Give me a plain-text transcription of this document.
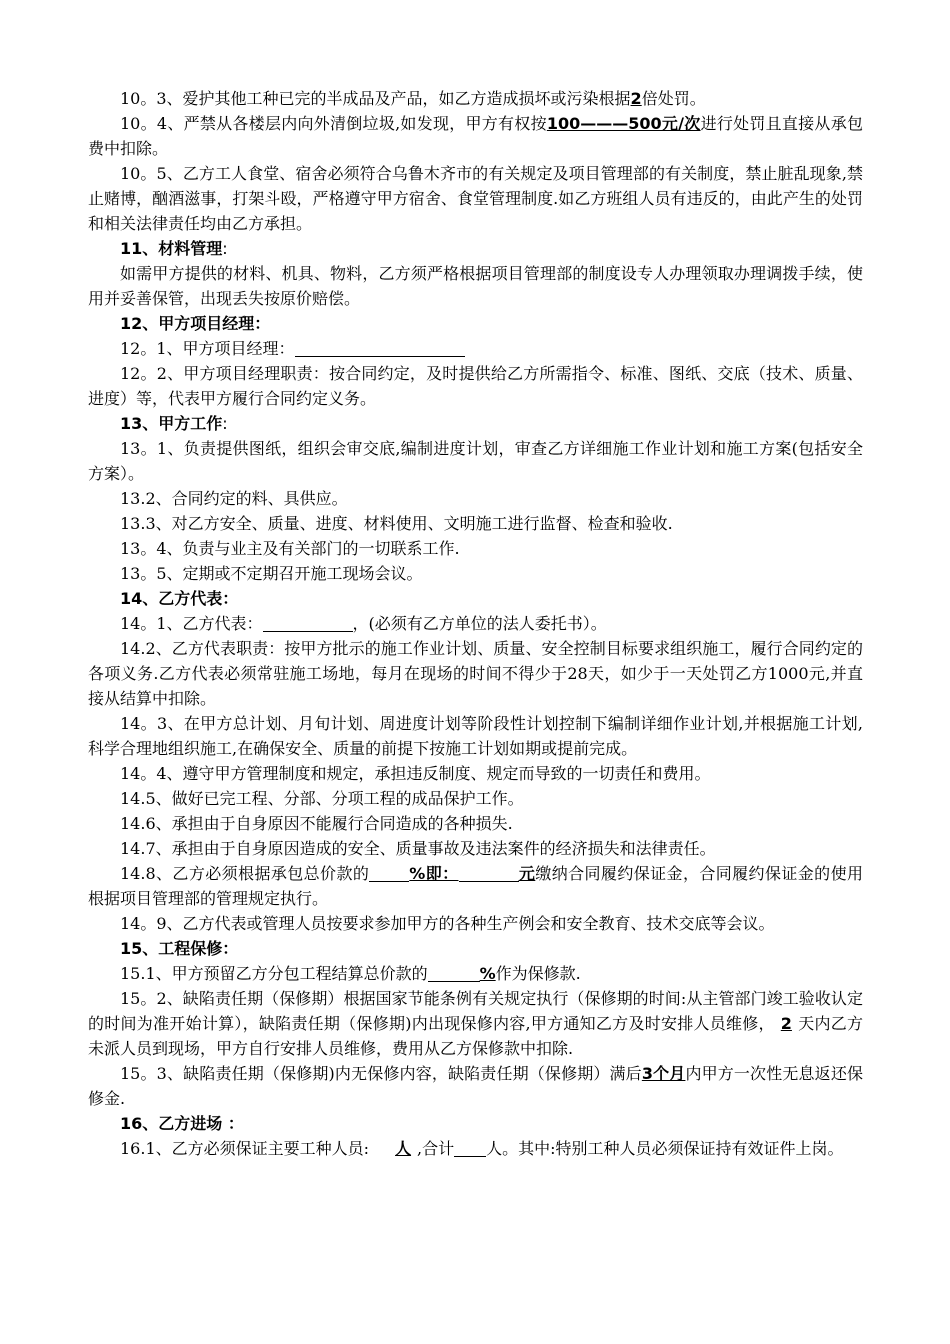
10。3、爱护其他工种已完的半成品及产品，如乙方造成损坏或污染根据2倍处罚。

10。4、严禁从各楼层内向外清倒垃圾,如发现，甲方有权按100———500元/次进行处罚且直接从承包费中扣除。

10。5、乙方工人食堂、宿舍必须符合乌鲁木齐市的有关规定及项目管理部的有关制度，禁止脏乱现象,禁止赌博，酗酒滋事，打架斗殴，严格遵守甲方宿舍、食堂管理制度.如乙方班组人员有违反的，由此产生的处罚和相关法律责任均由乙方承担。

11、材料管理:

如需甲方提供的材料、机具、物料，乙方须严格根据项目管理部的制度设专人办理领取办理调拨手续，使用并妥善保管，出现丢失按原价赔偿。

12、甲方项目经理：

12。1、甲方项目经理：

12。2、甲方项目经理职责：按合同约定，及时提供给乙方所需指令、标准、图纸、交底（技术、质量、进度）等，代表甲方履行合同约定义务。

13、甲方工作:

13。1、负责提供图纸，组织会审交底,编制进度计划，审查乙方详细施工作业计划和施工方案(包括安全方案）。

13.2、合同约定的料、具供应。

13.3、对乙方安全、质量、进度、材料使用、文明施工进行监督、检查和验收.

13。4、负责与业主及有关部门的一切联系工作.

13。5、定期或不定期召开施工现场会议。

14、乙方代表：

14。1、乙方代表：	，(必须有乙方单位的法人委托书）。

14.2、乙方代表职责：按甲方批示的施工作业计划、质量、安全控制目标要求组织施工，履行合同约定的各项义务.乙方代表必须常驻施工场地，每月在现场的时间不得少于28天，如少于一天处罚乙方1000元,并直接从结算中扣除。

14。3、在甲方总计划、月旬计划、周进度计划等阶段性计划控制下编制详细作业计划,并根据施工计划,科学合理地组织施工,在确保安全、质量的前提下按施工计划如期或提前完成。

14。4、遵守甲方管理制度和规定，承担违反制度、规定而导致的一切责任和费用。

14.5、做好已完工程、分部、分项工程的成品保护工作。

14.6、承担由于自身原因不能履行合同造成的各种损失.

14.7、承担由于自身原因造成的安全、质量事故及违法案件的经济损失和法律责任。

14.8、乙方必须根据承包总价款的	%即：	元缴纳合同履约保证金，合同履约保证金的使用根据项目管理部的管理规定执行。

14。9、乙方代表或管理人员按要求参加甲方的各种生产例会和安全教育、技术交底等会议。

15、工程保修：

15.1、甲方预留乙方分包工程结算总价款的	%作为保修款.

15。2、缺陷责任期（保修期）根据国家节能条例有关规定执行（保修期的时间:从主管部门竣工验收认定的时间为准开始计算），缺陷责任期（保修期)内出现保修内容,甲方通知乙方及时安排人员维修， 2 天内乙方未派人员到现场，甲方自行安排人员维修，费用从乙方保修款中扣除.

15。3、缺陷责任期（保修期)内无保修内容，缺陷责任期（保修期）满后3个月内甲方一次性无息返还保修金.

16、乙方进场 ：

16.1、乙方必须保证主要工种人员: 人 ,合计 人。其中:特别工种人员必须保证持有效证件上岗。
